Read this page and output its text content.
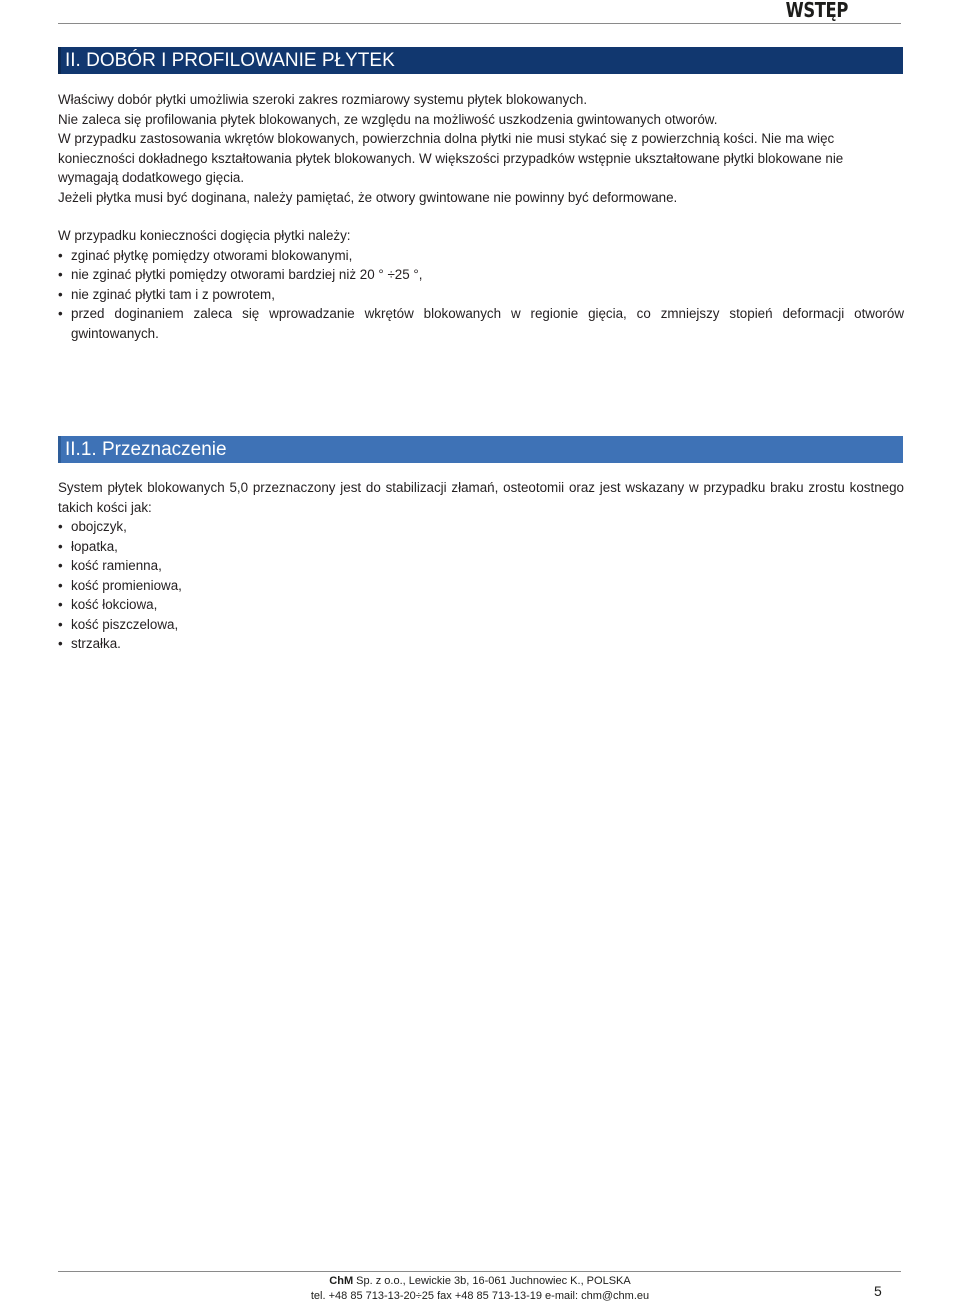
WSTĘP
II. DOBÓR I PROFILOWANIE PŁYTEK

Właściwy dobór płytki umożliwia szeroki zakres rozmiarowy systemu płytek blokowanych.

Nie zaleca się profilowania płytek blokowanych, ze względu na możliwość uszkodzenia gwintowanych otworów.

W przypadku zastosowania wkrętów blokowanych, powierzchnia dolna płytki nie musi stykać się z powierzchnią kości. Nie ma więc konieczności dokładnego kształtowania płytek blokowanych. W większości przypadków wstępnie ukształtowane płytki blokowane nie wymagają dodatkowego gięcia.

Jeżeli płytka musi być doginana, należy pamiętać, że otwory gwintowane nie powinny być deformowane.

W przypadku konieczności dogięcia płytki należy:

• zginać płytkę pomiędzy otworami blokowanymi,
• nie zginać płytki pomiędzy otworami bardziej niż 20 ° ÷25 °,
• nie zginać płytki tam i z powrotem,
• przed doginaniem zaleca się wprowadzanie wkrętów blokowanych w regionie gięcia, co zmniejszy stopień deformacji otworów gwintowanych.
II.1. Przeznaczenie

System płytek blokowanych 5,0 przeznaczony jest do stabilizacji złamań, osteotomii oraz jest wskazany w przypadku braku zrostu kostnego takich kości jak:

• obojczyk,
• łopatka,
• kość ramienna,
• kość promieniowa,
• kość łokciowa,
• kość piszczelowa,
• strzałka.
ChM Sp. z o.o., Lewickie 3b, 16-061 Juchnowiec K., POLSKA
tel. +48 85 713-13-20÷25 fax +48 85 713-13-19 e-mail: chm@chm.eu	5
